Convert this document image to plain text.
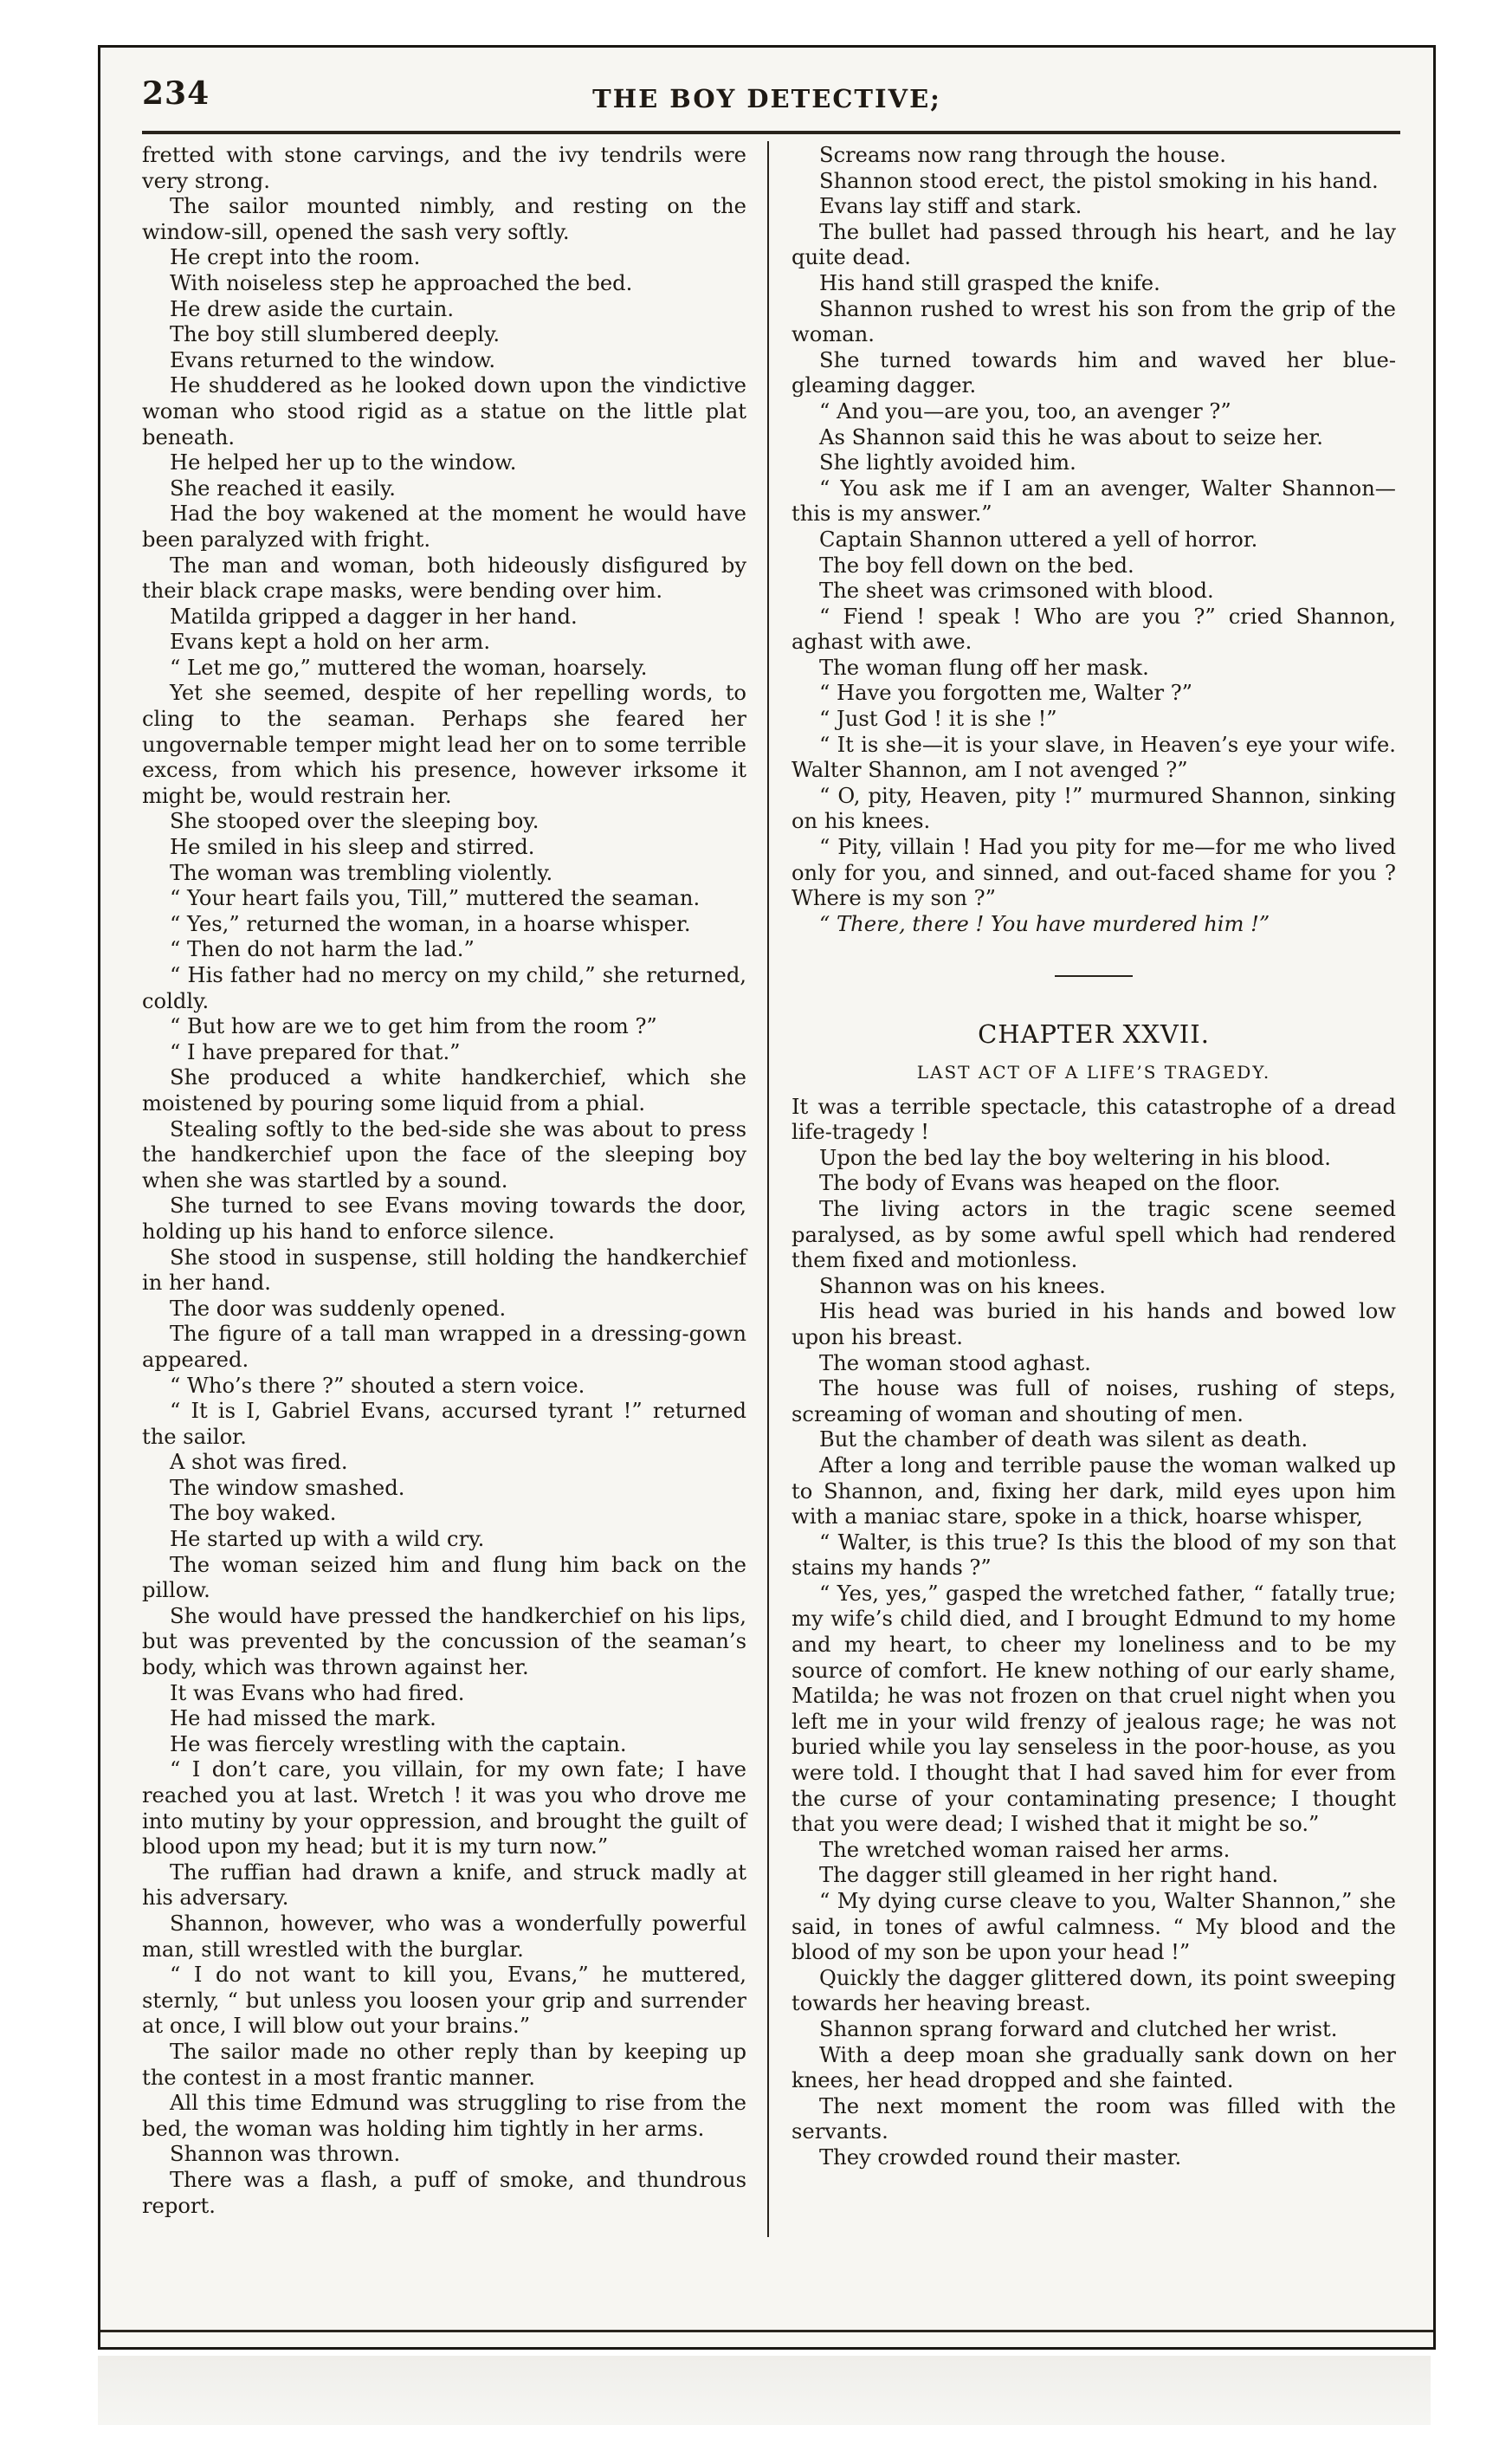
234	THE BOY DETECTIVE;

fretted with stone carvings, and the ivy tendrils were very strong.

The sailor mounted nimbly, and resting on the window-sill, opened the sash very softly.

He crept into the room.

With noiseless step he approached the bed.

He drew aside the curtain.

The boy still slumbered deeply.

Evans returned to the window.

He shuddered as he looked down upon the vindictive woman who stood rigid as a statue on the little plat beneath.

He helped her up to the window.

She reached it easily.

Had the boy wakened at the moment he would have been paralyzed with fright.

The man and woman, both hideously disfigured by their black crape masks, were bending over him.

Matilda gripped a dagger in her hand.

Evans kept a hold on her arm.

“ Let me go,” muttered the woman, hoarsely.

Yet she seemed, despite of her repelling words, to cling to the seaman. Perhaps she feared her ungovernable temper might lead her on to some terrible excess, from which his presence, however irksome it might be, would restrain her.

She stooped over the sleeping boy.

He smiled in his sleep and stirred.

The woman was trembling violently.

“ Your heart fails you, Till,” muttered the seaman.

“ Yes,” returned the woman, in a hoarse whisper.

“ Then do not harm the lad.”

“ His father had no mercy on my child,” she returned, coldly.

“ But how are we to get him from the room ?”

“ I have prepared for that.”

She produced a white handkerchief, which she moistened by pouring some liquid from a phial.

Stealing softly to the bed-side she was about to press the handkerchief upon the face of the sleeping boy when she was startled by a sound.

She turned to see Evans moving towards the door, holding up his hand to enforce silence.

She stood in suspense, still holding the handkerchief in her hand.

The door was suddenly opened.

The figure of a tall man wrapped in a dressing-gown appeared.

“ Who’s there ?” shouted a stern voice.

“ It is I, Gabriel Evans, accursed tyrant !” returned the sailor.

A shot was fired.

The window smashed.

The boy waked.

He started up with a wild cry.

The woman seized him and flung him back on the pillow.

She would have pressed the handkerchief on his lips, but was prevented by the concussion of the seaman’s body, which was thrown against her.

It was Evans who had fired.

He had missed the mark.

He was fiercely wrestling with the captain.

“ I don’t care, you villain, for my own fate; I have reached you at last. Wretch ! it was you who drove me into mutiny by your oppression, and brought the guilt of blood upon my head; but it is my turn now.”

The ruffian had drawn a knife, and struck madly at his adversary.

Shannon, however, who was a wonderfully powerful man, still wrestled with the burglar.

“ I do not want to kill you, Evans,” he muttered, sternly, “ but unless you loosen your grip and surrender at once, I will blow out your brains.”

The sailor made no other reply than by keeping up the contest in a most frantic manner.

All this time Edmund was struggling to rise from the bed, the woman was holding him tightly in her arms.

Shannon was thrown.

There was a flash, a puff of smoke, and thundrous report.

Screams now rang through the house.

Shannon stood erect, the pistol smoking in his hand.

Evans lay stiff and stark.

The bullet had passed through his heart, and he lay quite dead.

His hand still grasped the knife.

Shannon rushed to wrest his son from the grip of the woman.

She turned towards him and waved her blue-gleaming dagger.

“ And you—are you, too, an avenger ?”

As Shannon said this he was about to seize her.

She lightly avoided him.

“ You ask me if I am an avenger, Walter Shannon—this is my answer.”

Captain Shannon uttered a yell of horror.

The boy fell down on the bed.

The sheet was crimsoned with blood.

“ Fiend ! speak ! Who are you ?” cried Shannon, aghast with awe.

The woman flung off her mask.

“ Have you forgotten me, Walter ?”

“ Just God ! it is she !”

“ It is she—it is your slave, in Heaven’s eye your wife. Walter Shannon, am I not avenged ?”

“ O, pity, Heaven, pity !” murmured Shannon, sinking on his knees.

“ Pity, villain ! Had you pity for me—for me who lived only for you, and sinned, and out-faced shame for you ? Where is my son ?”

“ There, there ! You have murdered him !”

CHAPTER XXVII.
LAST ACT OF A LIFE’S TRAGEDY.

It was a terrible spectacle, this catastrophe of a dread life-tragedy !

Upon the bed lay the boy weltering in his blood.

The body of Evans was heaped on the floor.

The living actors in the tragic scene seemed paralysed, as by some awful spell which had rendered them fixed and motionless.

Shannon was on his knees.

His head was buried in his hands and bowed low upon his breast.

The woman stood aghast.

The house was full of noises, rushing of steps, screaming of woman and shouting of men.

But the chamber of death was silent as death.

After a long and terrible pause the woman walked up to Shannon, and, fixing her dark, mild eyes upon him with a maniac stare, spoke in a thick, hoarse whisper,

“ Walter, is this true? Is this the blood of my son that stains my hands ?”

“ Yes, yes,” gasped the wretched father, “ fatally true; my wife’s child died, and I brought Edmund to my home and my heart, to cheer my loneliness and to be my source of comfort. He knew nothing of our early shame, Matilda; he was not frozen on that cruel night when you left me in your wild frenzy of jealous rage; he was not buried while you lay senseless in the poor-house, as you were told. I thought that I had saved him for ever from the curse of your contaminating presence; I thought that you were dead; I wished that it might be so.”

The wretched woman raised her arms.

The dagger still gleamed in her right hand.

“ My dying curse cleave to you, Walter Shannon,” she said, in tones of awful calmness. “ My blood and the blood of my son be upon your head !”

Quickly the dagger glittered down, its point sweeping towards her heaving breast.

Shannon sprang forward and clutched her wrist.

With a deep moan she gradually sank down on her knees, her head dropped and she fainted.

The next moment the room was filled with the servants.

They crowded round their master.
